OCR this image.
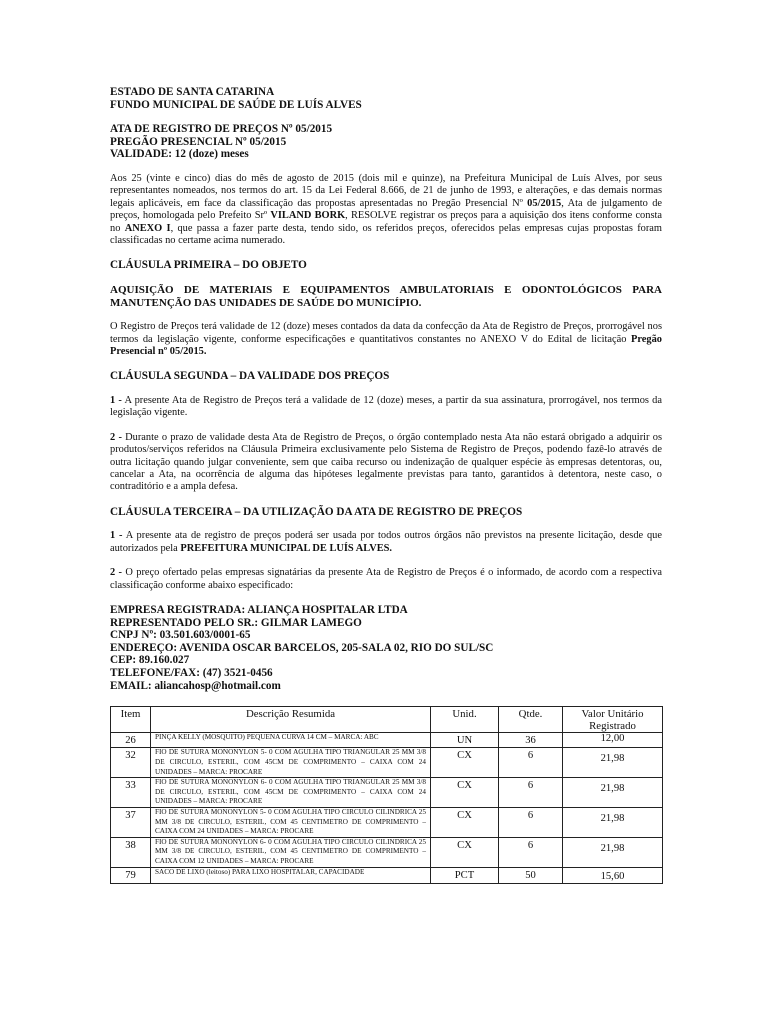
ESTADO DE SANTA CATARINA
FUNDO MUNICIPAL DE SAÚDE DE LUÍS ALVES
ATA DE REGISTRO DE PREÇOS Nº 05/2015
PREGÃO PRESENCIAL Nº 05/2015
VALIDADE: 12 (doze) meses

Aos 25 (vinte e cinco) dias do mês de agosto de 2015 (dois mil e quinze), na Prefeitura Municipal de Luís Alves, por seus representantes nomeados, nos termos do art. 15 da Lei Federal 8.666, de 21 de junho de 1993, e alterações, e das demais normas legais aplicáveis, em face da classificação das propostas apresentadas no Pregão Presencial Nº 05/2015, Ata de julgamento de preços, homologada pelo Prefeito Srº VILAND BORK, RESOLVE registrar os preços para a aquisição dos itens conforme consta no ANEXO I, que passa a fazer parte desta, tendo sido, os referidos preços, oferecidos pelas empresas cujas propostas foram classificadas no certame acima numerado.

CLÁUSULA PRIMEIRA – DO OBJETO

AQUISIÇÃO DE MATERIAIS E EQUIPAMENTOS AMBULATORIAIS E ODONTOLÓGICOS PARA MANUTENÇÃO DAS UNIDADES DE SAÚDE DO MUNICÍPIO.

O Registro de Preços terá validade de 12 (doze) meses contados da data da confecção da Ata de Registro de Preços, prorrogável nos termos da legislação vigente, conforme especificações e quantitativos constantes no ANEXO V do Edital de licitação Pregão Presencial nº 05/2015.

CLÁUSULA SEGUNDA – DA VALIDADE DOS PREÇOS

1 - A presente Ata de Registro de Preços terá a validade de 12 (doze) meses, a partir da sua assinatura, prorrogável, nos termos da legislação vigente.

2 - Durante o prazo de validade desta Ata de Registro de Preços, o órgão contemplado nesta Ata não estará obrigado a adquirir os produtos/serviços referidos na Cláusula Primeira exclusivamente pelo Sistema de Registro de Preços, podendo fazê-lo através de outra licitação quando julgar conveniente, sem que caiba recurso ou indenização de qualquer espécie às empresas detentoras, ou, cancelar a Ata, na ocorrência de alguma das hipóteses legalmente previstas para tanto, garantidos à detentora, neste caso, o contraditório e a ampla defesa.

CLÁUSULA TERCEIRA – DA UTILIZAÇÃO DA ATA DE REGISTRO DE PREÇOS

1 - A presente ata de registro de preços poderá ser usada por todos outros órgãos não previstos na presente licitação, desde que autorizados pela PREFEITURA MUNICIPAL DE LUÍS ALVES.

2 - O preço ofertado pelas empresas signatárias da presente Ata de Registro de Preços é o informado, de acordo com a respectiva classificação conforme abaixo especificado:

EMPRESA REGISTRADA: ALIANÇA HOSPITALAR LTDA
REPRESENTADO PELO SR.: GILMAR LAMEGO
CNPJ Nº: 03.501.603/0001-65
ENDEREÇO: AVENIDA OSCAR BARCELOS, 205-SALA 02, RIO DO SUL/SC
CEP: 89.160.027
TELEFONE/FAX: (47) 3521-0456
EMAIL: aliancahosp@hotmail.com
Item	Descrição Resumida	Unid.	Qtde.	Valor Unitário Registrado
26	PINÇA KELLY (MOSQUITO) PEQUENA CURVA 14 CM – MARCA: ABC	UN	36	12,00
32	FIO DE SUTURA MONONYLON 5- 0 COM AGULHA TIPO TRIANGULAR 25 MM 3/8 DE CIRCULO, ESTERIL, COM 45CM DE COMPRIMENTO – CAIXA COM 24 UNIDADES – MARCA: PROCARE	CX	6	21,98
33	FIO DE SUTURA MONONYLON 6- 0 COM AGULHA TIPO TRIANGULAR 25 MM 3/8 DE CIRCULO, ESTERIL, COM 45CM DE COMPRIMENTO – CAIXA COM 24 UNIDADES – MARCA: PROCARE	CX	6	21,98
37	FIO DE SUTURA MONONYLON 5- 0 COM AGULHA TIPO CIRCULO CILINDRICA 25 MM 3/8 DE CIRCULO, ESTERIL, COM 45 CENTIMETRO DE COMPRIMENTO – CAIXA COM 24 UNIDADES – MARCA: PROCARE	CX	6	21,98
38	FIO DE SUTURA MONONYLON 6- 0 COM AGULHA TIPO CIRCULO CILINDRICA 25 MM 3/8 DE CIRCULO, ESTERIL, COM 45 CENTIMETRO DE COMPRIMENTO – CAIXA COM 12 UNIDADES – MARCA: PROCARE	CX	6	21,98
79	SACO DE LIXO (leitoso) PARA LIXO HOSPITALAR, CAPACIDADE	PCT	50	15,60
